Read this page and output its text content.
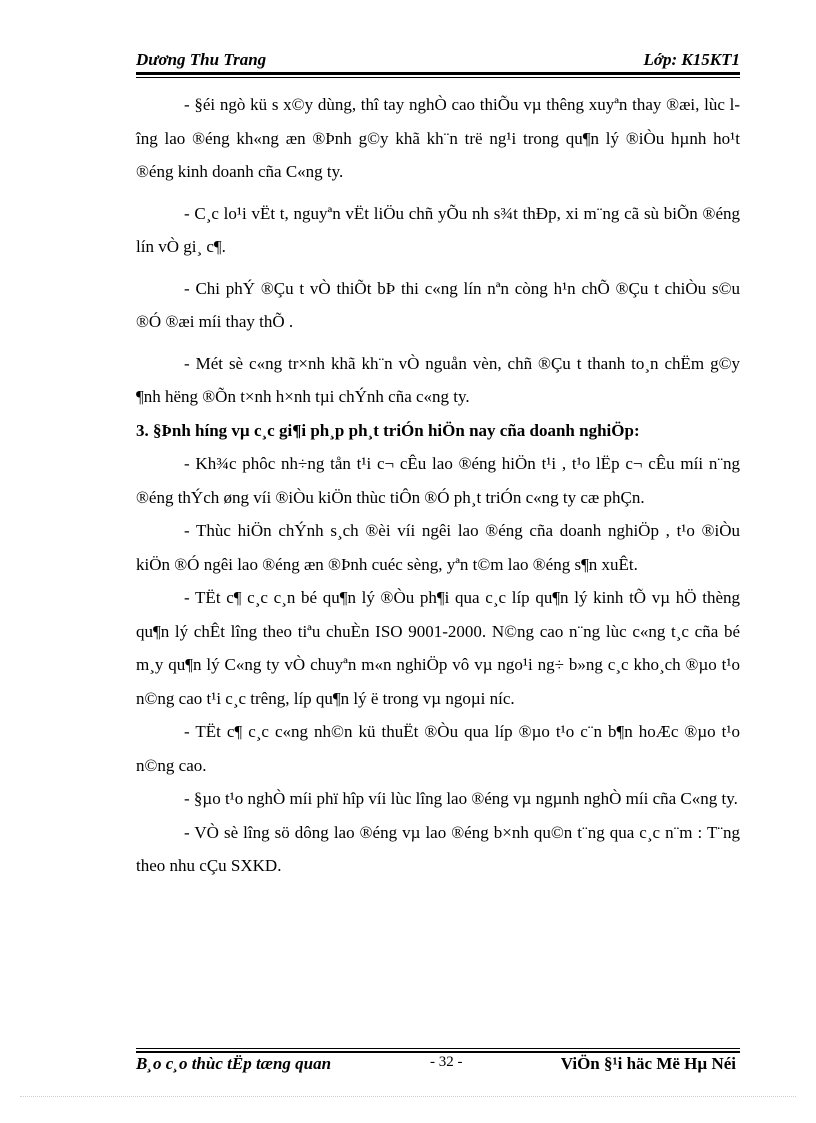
Dương Thu Trang	Lớp: K15KT1

- §éi ngò kü s x©y dùng, thî tay nghÒ cao thiÕu vµ thêng xuyªn thay ®æi, lùc lîng lao ®éng kh«ng æn ®Þnh g©y khã kh¨n trë ng¹i trong qu¶n lý ®iÒu hµnh ho¹t ®éng kinh doanh cña C«ng ty.

- C¸c lo¹i vËt t, nguyªn vËt liÖu chñ yÕu nh s¾t thÐp, xi m¨ng cã sù biÕn ®éng lín vÒ gi¸ c¶.

- Chi phÝ ®Çu t vÒ thiÕt bÞ thi c«ng lín nªn còng h¹n chÕ ®Çu t chiÒu s©u ®Ó ®æi míi thay thÕ .

- Mét sè c«ng tr×nh khã kh¨n vÒ nguån vèn, chñ ®Çu t thanh to¸n chËm g©y ¶nh hëng ®Õn t×nh h×nh tµi chÝnh cña c«ng ty.

3. §Þnh híng vµ c¸c gi¶i ph¸p ph¸t triÓn hiÖn nay cña doanh nghiÖp:

- Kh¾c phôc nh÷ng tån t¹i c¬ cÊu lao ®éng hiÖn t¹i , t¹o lËp c¬ cÊu míi n¨ng ®éng thÝch øng víi ®iÒu kiÖn thùc tiÔn ®Ó ph¸t triÓn c«ng ty cæ phÇn.

- Thùc hiÖn chÝnh s¸ch ®èi víi ngêi lao ®éng cña doanh nghiÖp , t¹o ®iÒu kiÖn ®Ó ngêi lao ®éng æn ®Þnh cuéc sèng, yªn t©m lao ®éng s¶n xuÊt.

- TËt c¶ c¸c c¸n bé qu¶n lý ®Òu ph¶i qua c¸c líp qu¶n lý kinh tÕ vµ hÖ thèng qu¶n lý chÊt lîng theo tiªu chuÈn ISO 9001-2000. N©ng cao n¨ng lùc c«ng t¸c cña bé m¸y qu¶n lý C«ng ty vÒ chuyªn m«n nghiÖp vô vµ ngo¹i ng÷ b»ng c¸c kho¸ch ®µo t¹o n©ng cao t¹i c¸c trêng, líp qu¶n lý ë trong vµ ngoµi níc.

- TËt c¶ c¸c c«ng nh©n kü thuËt ®Òu qua líp ®µo t¹o c¨n b¶n hoÆc ®µo t¹o n©ng cao.

- §µo t¹o nghÒ míi phï hîp víi lùc lîng lao ®éng vµ ngµnh nghÒ míi cña C«ng ty.

- VÒ sè lîng sö dông lao ®éng vµ lao ®éng b×nh qu©n t¨ng qua c¸c n¨m : T¨ng theo nhu cÇu SXKD.

B¸o c¸o thùc tËp tæng quan	- 32 -	ViÖn §¹i häc Më Hµ Néi
